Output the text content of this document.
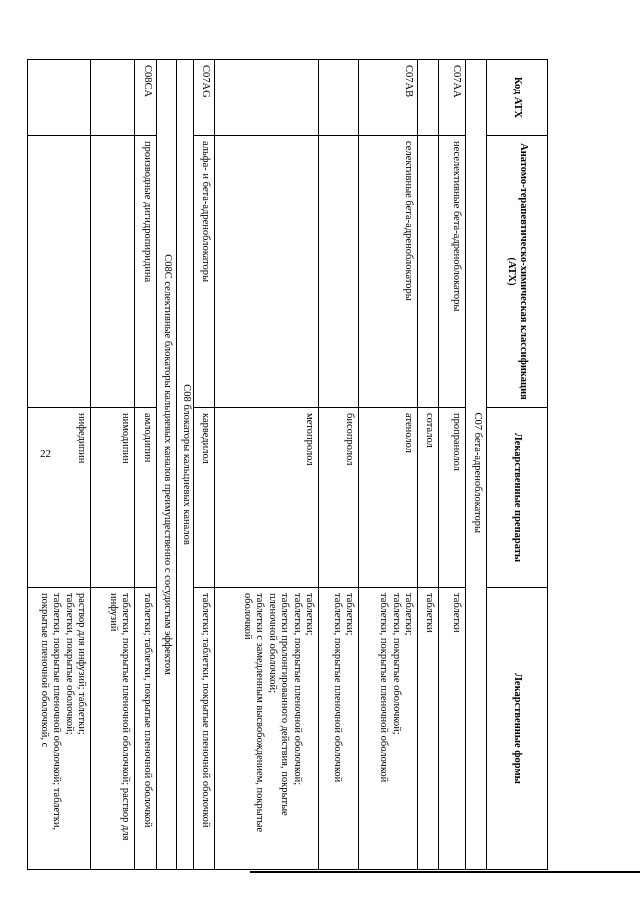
22
Код АТХ	Анатомо-терапевтическо-химическая классификация (АТХ)	Лекарственные препараты	Лекарственные формы
		C07 бета-адреноблокаторы	
C07AA	неселективные бета-адреноблокаторы	пропранолол	таблетки

		соталол	таблетки

C07AB	селективные бета-адреноблокаторы	атенолол	таблетки;
таблетки, покрытые оболочкой;
таблетки, покрытые пленочной оболочкой

		бисопролол	таблетки;
таблетки, покрытые пленочной оболочкой

		метопролол	таблетки;
таблетки, покрытые пленочной оболочкой;
таблетки пролонгированного действия, покрытые пленочной оболочкой;
таблетки с замедленным высвобождением, покрытые оболочкой

C07AG	альфа- и бета-адреноблокаторы	карведилол	таблетки; таблетки, покрытые пленочной оболочкой

C08 блокаторы кальциевых каналов			
C08C селективные блокаторы кальциевых каналов преимущественно с сосудистым эффектом			
C08CA	производные дигидропиридина	амлодипин	таблетки; таблетки, покрытые пленочной оболочкой

		нимодипин	таблетки, покрытые пленочной оболочкой; раствор для инфузий

		нифедипин	раствор для инфузий; таблетки;
таблетки, покрытые оболочкой;
таблетки, покрытые пленочной оболочкой; таблетки, покрытые пленочной оболочкой, с
